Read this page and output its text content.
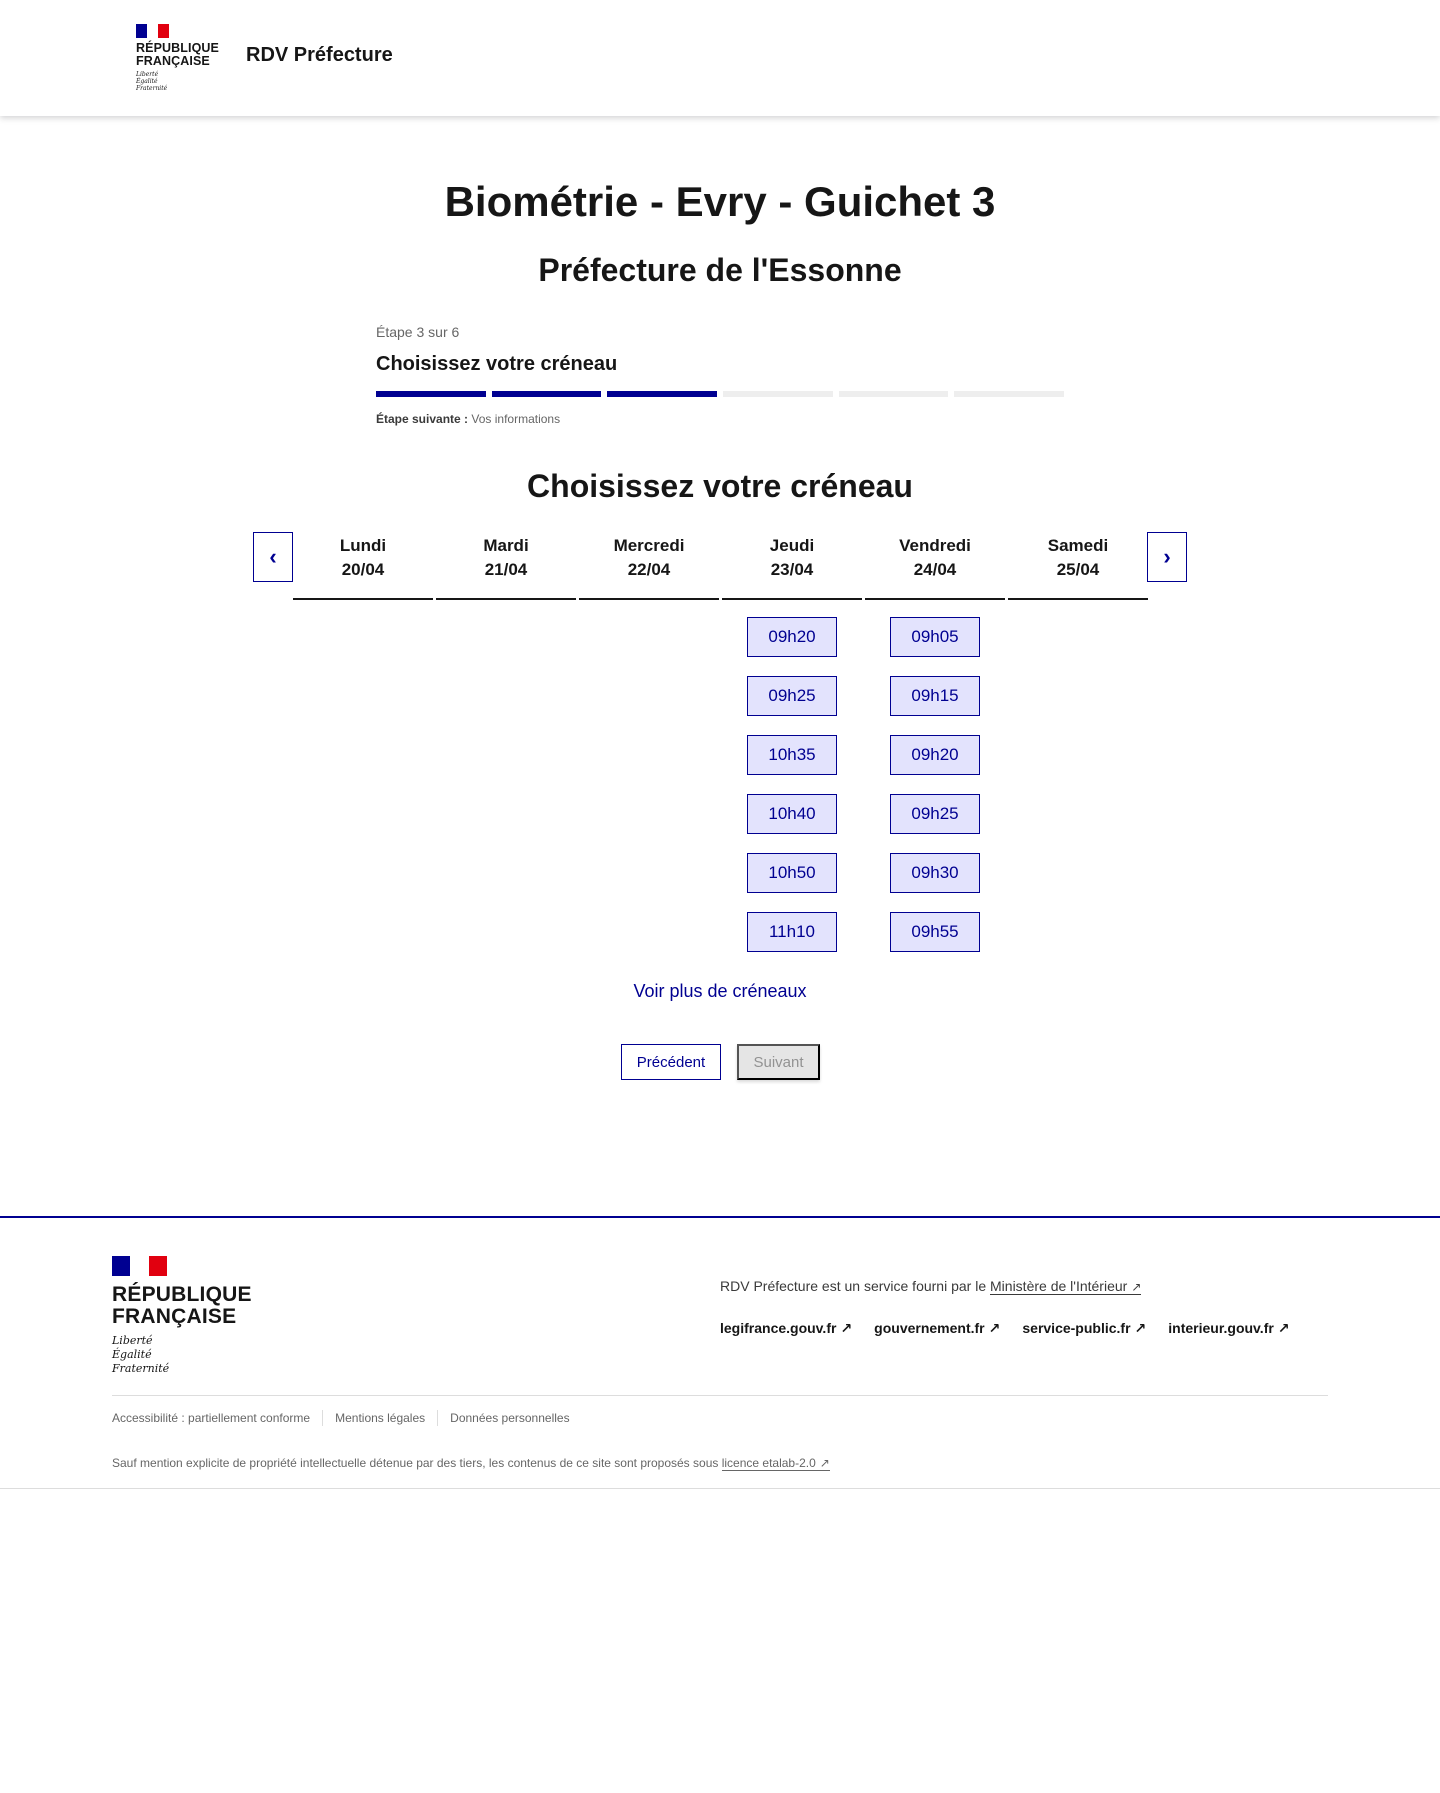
RÉPUBLIQUE
FRANÇAISE
Liberté
Égalité
Fraternité
RDV Préfecture
Biométrie - Evry - Guichet 3
Préfecture de l'Essonne
Étape 3 sur 6
Choisissez votre créneau
Étape suivante : Vos informations
Choisissez votre créneau
‹	Lundi
20/04
Mardi
21/04
Mercredi
22/04
Jeudi
23/04
09h20
09h25
10h35
10h40
10h50
11h10
Vendredi
24/04
09h05
09h15
09h20
09h25
09h30
09h55
Samedi
25/04
›
Voir plus de créneaux
Précédent	Suivant
RÉPUBLIQUE
FRANÇAISE
Liberté
Égalité
Fraternité
RDV Préfecture est un service fourni par le Ministère de l'Intérieur ↗
legifrance.gouv.fr ↗ gouvernement.fr ↗ service-public.fr ↗ interieur.gouv.fr ↗
Accessibilité : partiellement conforme Mentions légales Données personnelles
Sauf mention explicite de propriété intellectuelle détenue par des tiers, les contenus de ce site sont proposés sous licence etalab-2.0 ↗
